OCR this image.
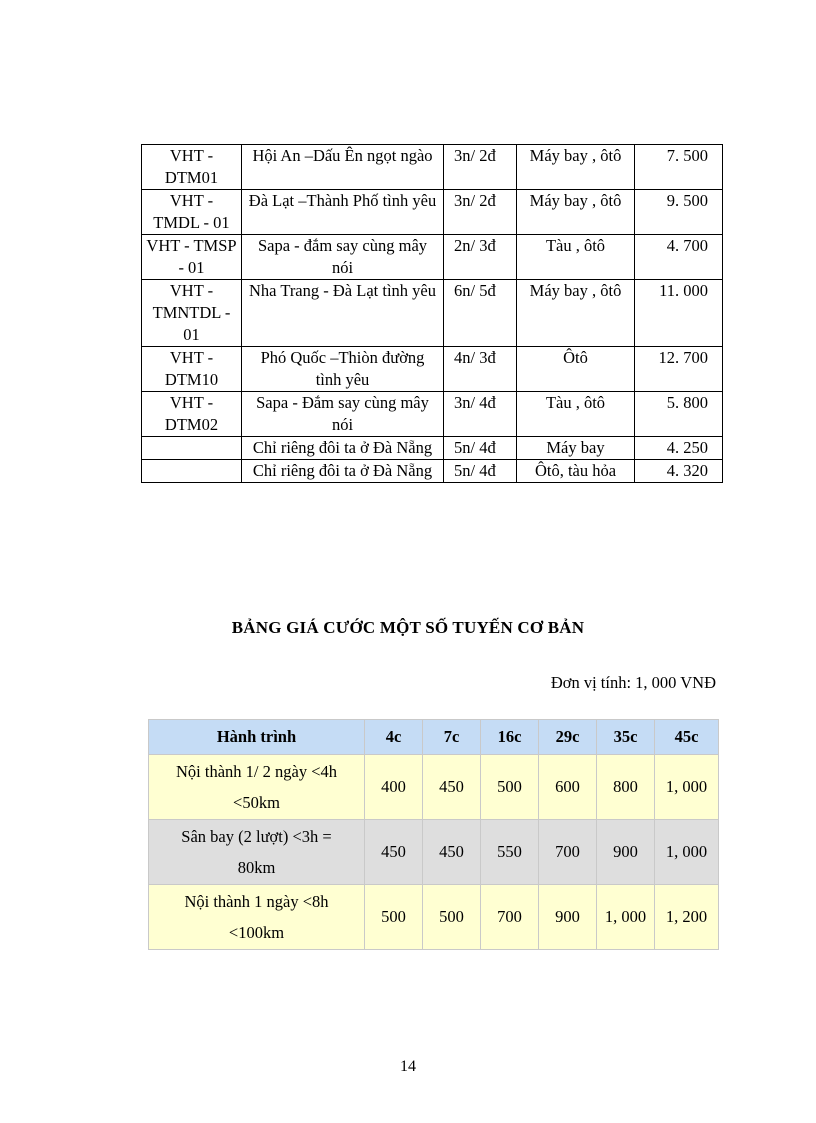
VHT - DTM01	Hội An –Dấu Ên ngọt ngào	3n/ 2đ	Máy bay , ôtô	7. 500
VHT - TMDL - 01	Đà Lạt –Thành Phố tình yêu	3n/ 2đ	Máy bay , ôtô	9. 500
VHT - TMSP - 01	Sapa - đắm say cùng mây nói	2n/ 3đ	Tàu , ôtô	4. 700
VHT - TMNTDL - 01	Nha Trang - Đà Lạt tình yêu	6n/ 5đ	Máy bay , ôtô	11. 000
VHT - DTM10	Phó Quốc –Thiòn đường tình yêu	4n/ 3đ	Ôtô	12. 700
VHT - DTM02	Sapa - Đắm say cùng mây nói	3n/ 4đ	Tàu , ôtô	5. 800
	Chỉ riêng đôi ta ở Đà Nẵng	5n/ 4đ	Máy bay	4. 250
	Chỉ riêng đôi ta ở Đà Nẵng	5n/ 4đ	Ôtô, tàu hỏa	4. 320
BẢNG GIÁ CƯỚC MỘT SỐ TUYẾN CƠ BẢN
Đơn vị tính: 1, 000 VNĐ
Hành trình	4c	7c	16c	29c	35c	45c

Nội thành 1/ 2 ngày <4h
<50km	400	450	500	600	800	1, 000

Sân bay (2 lượt) <3h =
80km	450	450	550	700	900	1, 000

Nội thành 1 ngày <8h
<100km	500	500	700	900	1, 000	1, 200
14
